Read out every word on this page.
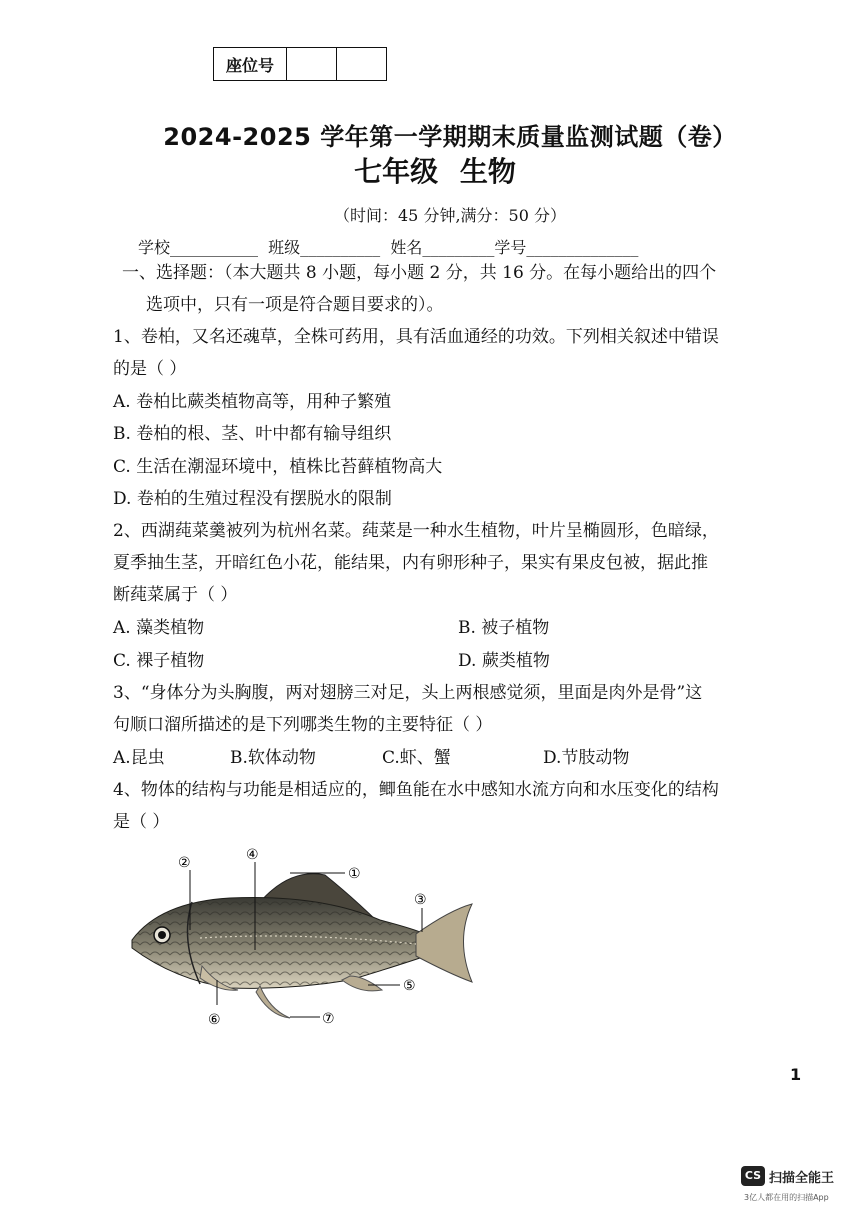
座位号		
2024-2025 学年第一学期期末质量监测试题（卷）
七年级 生物
（时间：45 分钟,满分：50 分）
学校___________  班级__________  姓名_________学号______________
一、选择题：（本大题共 8 小题，每小题 2 分，共 16 分。在每小题给出的四个
选项中，只有一项是符合题目要求的）。
1、卷柏，又名还魂草，全株可药用，具有活血通经的功效。下列相关叙述中错误
的是（ ）
A. 卷柏比蕨类植物高等，用种子繁殖
B. 卷柏的根、茎、叶中都有输导组织
C. 生活在潮湿环境中，植株比苔藓植物高大
D. 卷柏的生殖过程没有摆脱水的限制
2、西湖莼菜羹被列为杭州名菜。莼菜是一种水生植物，叶片呈椭圆形，色暗绿，
夏季抽生茎，开暗红色小花，能结果，内有卵形种子，果实有果皮包被，据此推
断莼菜属于（ ）
A. 藻类植物	B. 被子植物
C. 裸子植物	D. 蕨类植物
3、“身体分为头胸腹，两对翅膀三对足，头上两根感觉须，里面是肉外是骨”这
句顺口溜所描述的是下列哪类生物的主要特征（ ）
A.昆虫	B.软体动物	C.虾、蟹	D.节肢动物
4、物体的结构与功能是相适应的，鲫鱼能在水中感知水流方向和水压变化的结构
是（ ）
①
②
③
④
⑤
⑥	⑦
1
CS 扫描全能王
3亿人都在用的扫描App
